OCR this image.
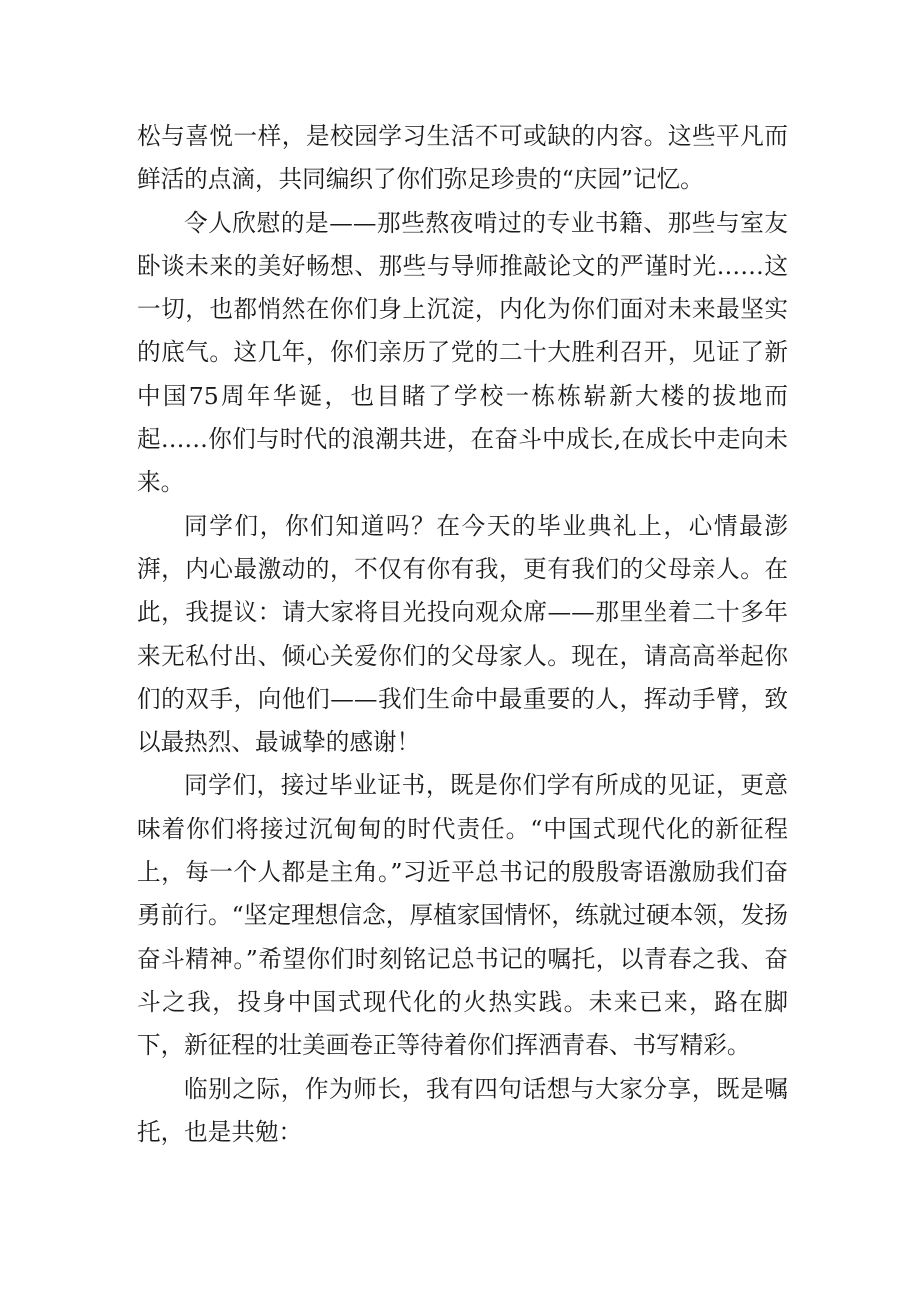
松与喜悦一样，是校园学习生活不可或缺的内容。这些平凡而鲜活的点滴，共同编织了你们弥足珍贵的“庆园”记忆。

令人欣慰的是——那些熬夜啃过的专业书籍、那些与室友卧谈未来的美好畅想、那些与导师推敲论文的严谨时光……这一切，也都悄然在你们身上沉淀，内化为你们面对未来最坚实的底气。这几年，你们亲历了党的二十大胜利召开，见证了新中国75周年华诞，也目睹了学校一栋栋崭新大楼的拔地而起……你们与时代的浪潮共进，在奋斗中成长,在成长中走向未来。

同学们，你们知道吗？在今天的毕业典礼上，心情最澎湃，内心最激动的，不仅有你有我，更有我们的父母亲人。在此，我提议：请大家将目光投向观众席——那里坐着二十多年来无私付出、倾心关爱你们的父母家人。现在，请高高举起你们的双手，向他们——我们生命中最重要的人，挥动手臂，致以最热烈、最诚挚的感谢！

同学们，接过毕业证书，既是你们学有所成的见证，更意味着你们将接过沉甸甸的时代责任。“中国式现代化的新征程上，每一个人都是主角。”习近平总书记的殷殷寄语激励我们奋勇前行。“坚定理想信念，厚植家国情怀，练就过硬本领，发扬奋斗精神。”希望你们时刻铭记总书记的嘱托，以青春之我、奋斗之我，投身中国式现代化的火热实践。未来已来，路在脚下，新征程的壮美画卷正等待着你们挥洒青春、书写精彩。

临别之际，作为师长，我有四句话想与大家分享，既是嘱托，也是共勉：
